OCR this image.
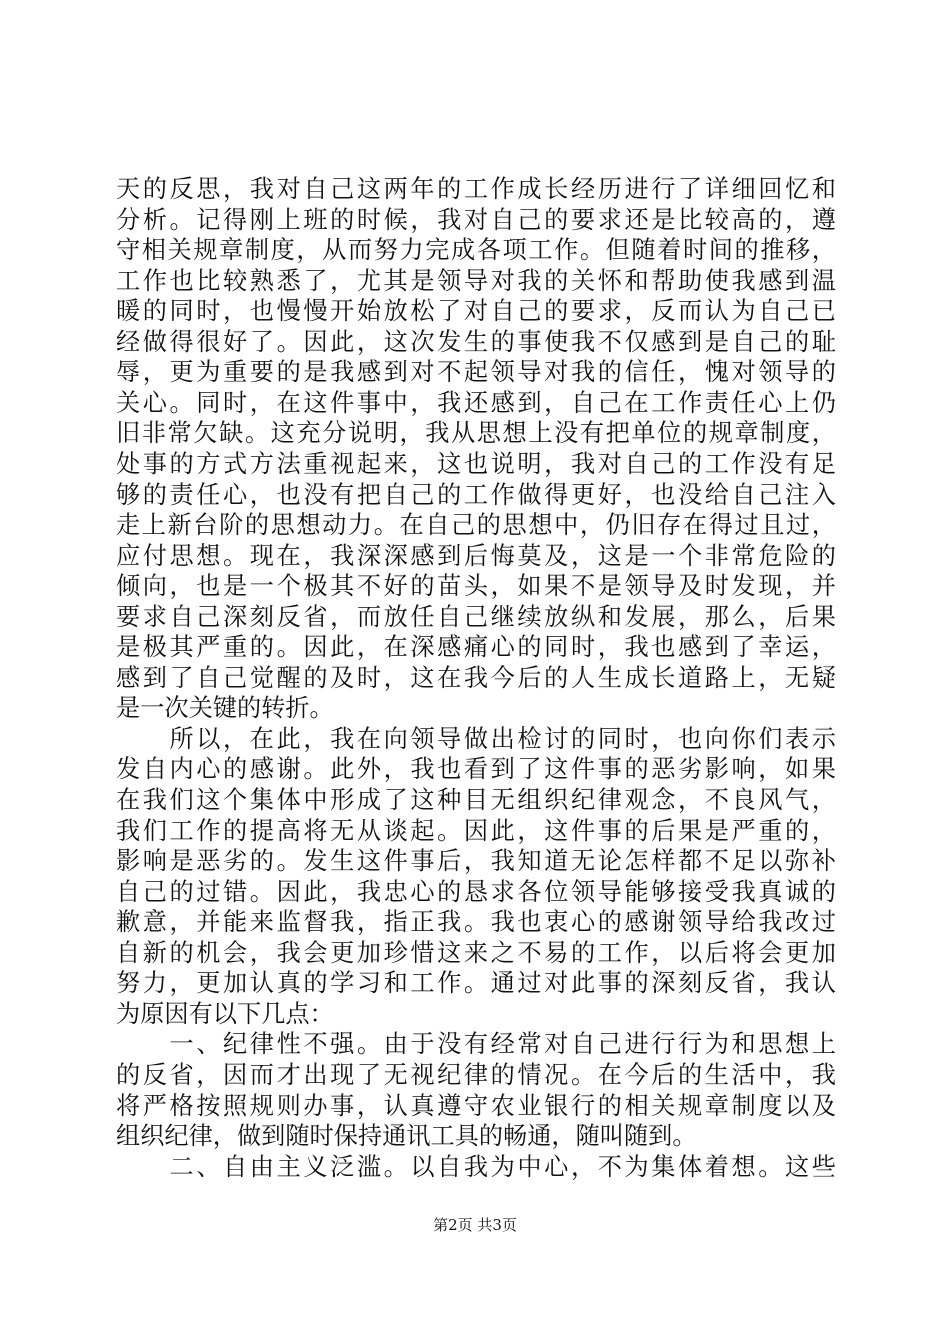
天的反思，我对自己这两年的工作成长经历进行了详细回忆和
分析。记得刚上班的时候，我对自己的要求还是比较高的，遵
守相关规章制度，从而努力完成各项工作。但随着时间的推移，
工作也比较熟悉了，尤其是领导对我的关怀和帮助使我感到温
暖的同时，也慢慢开始放松了对自己的要求，反而认为自己已
经做得很好了。因此，这次发生的事使我不仅感到是自己的耻
辱，更为重要的是我感到对不起领导对我的信任，愧对领导的
关心。同时，在这件事中，我还感到，自己在工作责任心上仍
旧非常欠缺。这充分说明，我从思想上没有把单位的规章制度，
处事的方式方法重视起来，这也说明，我对自己的工作没有足
够的责任心，也没有把自己的工作做得更好，也没给自己注入
走上新台阶的思想动力。在自己的思想中，仍旧存在得过且过，
应付思想。现在，我深深感到后悔莫及，这是一个非常危险的
倾向，也是一个极其不好的苗头，如果不是领导及时发现，并
要求自己深刻反省，而放任自己继续放纵和发展，那么，后果
是极其严重的。因此，在深感痛心的同时，我也感到了幸运，
感到了自己觉醒的及时，这在我今后的人生成长道路上，无疑
是一次关键的转折。
　　所以，在此，我在向领导做出检讨的同时，也向你们表示
发自内心的感谢。此外，我也看到了这件事的恶劣影响，如果
在我们这个集体中形成了这种目无组织纪律观念，不良风气，
我们工作的提高将无从谈起。因此，这件事的后果是严重的，
影响是恶劣的。发生这件事后，我知道无论怎样都不足以弥补
自己的过错。因此，我忠心的恳求各位领导能够接受我真诚的
歉意，并能来监督我，指正我。我也衷心的感谢领导给我改过
自新的机会，我会更加珍惜这来之不易的工作，以后将会更加
努力，更加认真的学习和工作。通过对此事的深刻反省，我认
为原因有以下几点：
　　一、纪律性不强。由于没有经常对自己进行行为和思想上
的反省，因而才出现了无视纪律的情况。在今后的生活中，我
将严格按照规则办事，认真遵守农业银行的相关规章制度以及
组织纪律，做到随时保持通讯工具的畅通，随叫随到。
　　二、自由主义泛滥。以自我为中心，不为集体着想。这些
第2页 共3页
